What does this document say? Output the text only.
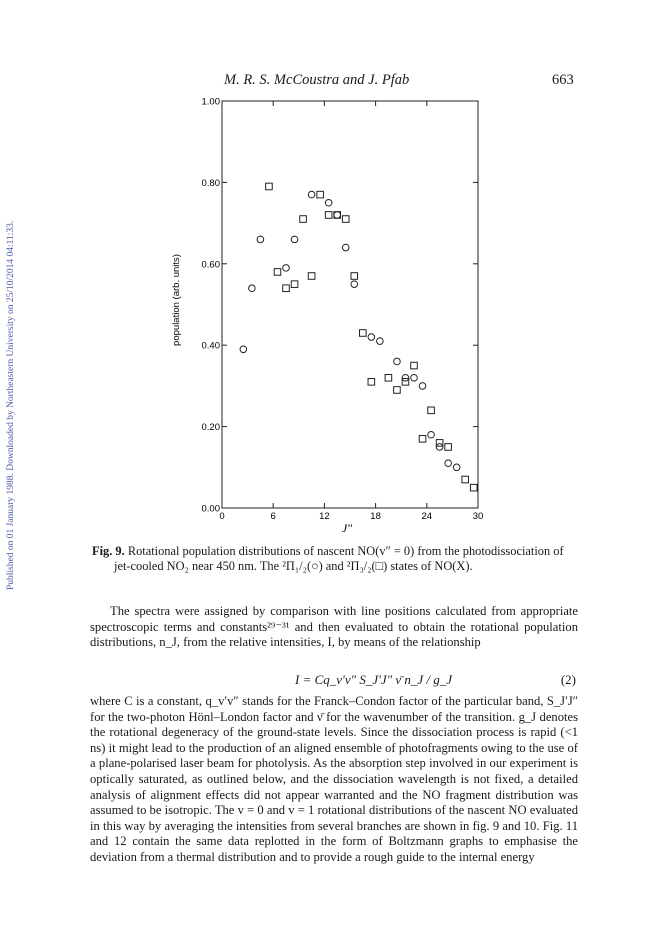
Published on 01 January 1988. Downloaded by Northeastern University on 25/10/2014 04:11:33.
M. R. S. McCoustra and J. Pfab	663
0	6	12	18	24	30
0.00
0.20
0.40
0.60
0.80
1.00
population (arb. units)
J″
Fig. 9. Rotational population distributions of nascent NO(v″ = 0) from the photodissociation of
jet-cooled NO₂ near 450 nm. The ²Π₁/₂(○) and ²Π₃/₂(□) states of NO(X).
The spectra were assigned by comparison with line positions calculated from appropriate spectroscopic terms and constants²⁹⁻³¹ and then evaluated to obtain the rotational population distributions, n_J, from the relative intensities, I, by means of the relationship
I = Cq_v′v″ S_J′J″ ν̄ n_J / g_J	(2)
where C is a constant, q_v′v″ stands for the Franck–Condon factor of the particular band, S_J′J″ for the two-photon Hönl–London factor and ν̄ for the wavenumber of the transition. g_J denotes the rotational degeneracy of the ground-state levels. Since the dissociation process is rapid (<1 ns) it might lead to the production of an aligned ensemble of photofragments owing to the use of a plane-polarised laser beam for photolysis. As the absorption step involved in our experiment is optically saturated, as outlined below, and the dissociation wavelength is not fixed, a detailed analysis of alignment effects did not appear warranted and the NO fragment distribution was assumed to be isotropic. The v = 0 and v = 1 rotational distributions of the nascent NO evaluated in this way by averaging the intensities from several branches are shown in fig. 9 and 10. Fig. 11 and 12 contain the same data replotted in the form of Boltzmann graphs to emphasise the deviation from a thermal distribution and to provide a rough guide to the internal energy
